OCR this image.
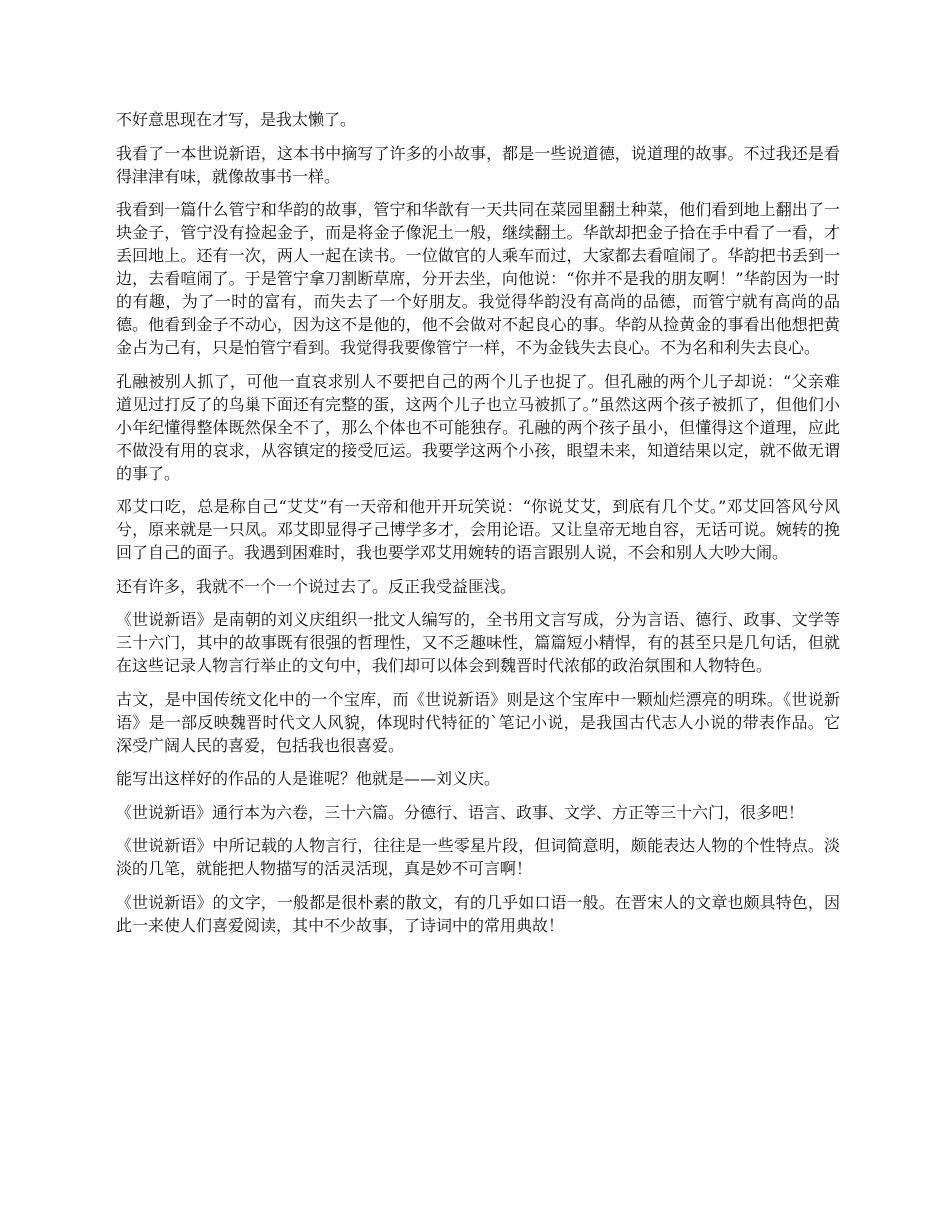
不好意思现在才写，是我太懒了。

我看了一本世说新语，这本书中摘写了许多的小故事，都是一些说道德，说道理的故事。不过我还是看得津津有味，就像故事书一样。

我看到一篇什么管宁和华韵的故事，管宁和华歆有一天共同在菜园里翻土种菜，他们看到地上翻出了一块金子，管宁没有捡起金子，而是将金子像泥土一般，继续翻土。华歆却把金子拾在手中看了一看，才丢回地上。还有一次，两人一起在读书。一位做官的人乘车而过，大家都去看喧闹了。华韵把书丢到一边，去看喧闹了。于是管宁拿刀割断草席，分开去坐，向他说：“你并不是我的朋友啊！”华韵因为一时的有趣，为了一时的富有，而失去了一个好朋友。我觉得华韵没有高尚的品德，而管宁就有高尚的品德。他看到金子不动心，因为这不是他的，他不会做对不起良心的事。华韵从捡黄金的事看出他想把黄金占为己有，只是怕管宁看到。我觉得我要像管宁一样，不为金钱失去良心。不为名和利失去良心。

孔融被别人抓了，可他一直哀求别人不要把自己的两个儿子也捉了。但孔融的两个儿子却说：“父亲难道见过打反了的鸟巢下面还有完整的蛋，这两个儿子也立马被抓了。”虽然这两个孩子被抓了，但他们小小年纪懂得整体既然保全不了，那么个体也不可能独存。孔融的两个孩子虽小，但懂得这个道理，应此不做没有用的哀求，从容镇定的接受厄运。我要学这两个小孩，眼望未来，知道结果以定，就不做无谓的事了。

邓艾口吃，总是称自己“艾艾”有一天帝和他开开玩笑说：“你说艾艾，到底有几个艾。”邓艾回答风兮风兮，原来就是一只凤。邓艾即显得孑己博学多才，会用论语。又让皇帝无地自容，无话可说。婉转的挽回了自己的面子。我遇到困难时，我也要学邓艾用婉转的语言跟别人说，不会和别人大吵大闹。

还有许多，我就不一个一个说过去了。反正我受益匪浅。

《世说新语》是南朝的刘义庆组织一批文人编写的，全书用文言写成，分为言语、德行、政事、文学等三十六门，其中的故事既有很强的哲理性，又不乏趣味性，篇篇短小精悍，有的甚至只是几句话，但就在这些记录人物言行举止的文句中，我们却可以体会到魏晋时代浓郁的政治氛围和人物特色。

古文，是中国传统文化中的一个宝库，而《世说新语》则是这个宝库中一颗灿烂漂亮的明珠。《世说新语》是一部反映魏晋时代文人风貌，体现时代特征的`笔记小说，是我国古代志人小说的带表作品。它深受广阔人民的喜爱，包括我也很喜爱。

能写出这样好的作品的人是谁呢？他就是——刘义庆。

《世说新语》通行本为六卷，三十六篇。分德行、语言、政事、文学、方正等三十六门，很多吧！

《世说新语》中所记载的人物言行，往往是一些零星片段，但词简意明，颇能表达人物的个性特点。淡淡的几笔，就能把人物描写的活灵活现，真是妙不可言啊！

《世说新语》的文字，一般都是很朴素的散文，有的几乎如口语一般。在晋宋人的文章也颇具特色，因此一来使人们喜爱阅读，其中不少故事，了诗词中的常用典故！
